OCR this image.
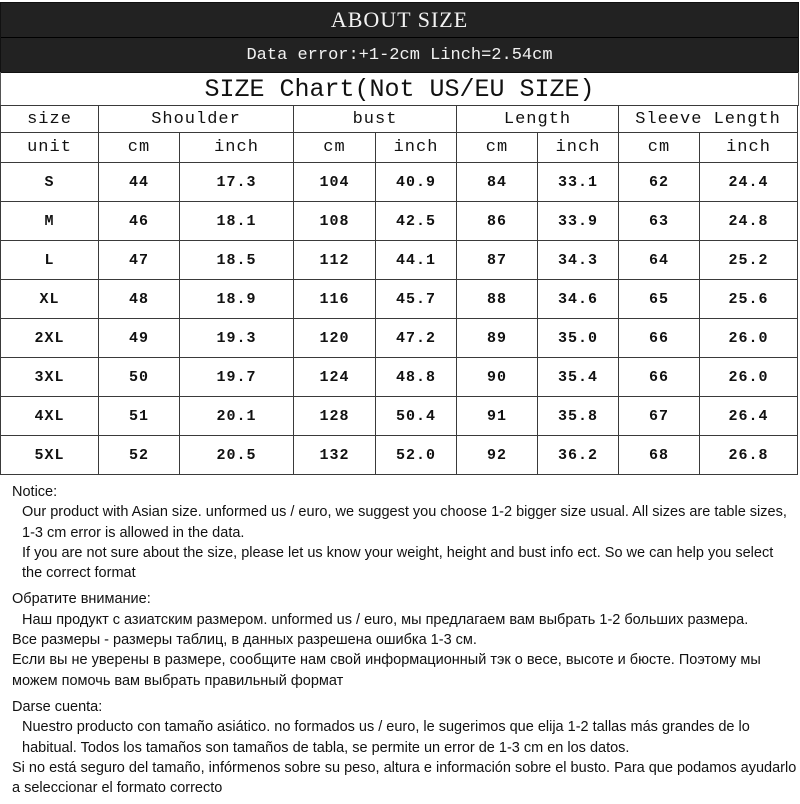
ABOUT SIZE
Data error:+1-2cm Linch=2.54cm
SIZE Chart(Not US/EU SIZE)
size	Shoulder		bust		Length		Sleeve Length	
unit	cm	inch	cm	inch	cm	inch	cm	inch
S	44	17.3	104	40.9	84	33.1	62	24.4
M	46	18.1	108	42.5	86	33.9	63	24.8
L	47	18.5	112	44.1	87	34.3	64	25.2
XL	48	18.9	116	45.7	88	34.6	65	25.6
2XL	49	19.3	120	47.2	89	35.0	66	26.0
3XL	50	19.7	124	48.8	90	35.4	66	26.0
4XL	51	20.1	128	50.4	91	35.8	67	26.4
5XL	52	20.5	132	52.0	92	36.2	68	26.8

Notice:

Our product with Asian size. unformed us / euro, we suggest you choose 1-2 bigger size usual. All sizes are table sizes, 1-3 cm error is allowed in the data.

If you are not sure about the size, please let us know your weight, height and bust info ect. So we can help you select the correct format

Обратите внимание:

Наш продукт с азиатским размером. unformed us / euro, мы предлагаем вам выбрать 1-2 больших размера.

Все размеры - размеры таблиц, в данных разрешена ошибка 1-3 см.

Если вы не уверены в размере, сообщите нам свой информационный тэк о весе, высоте и бюсте. Поэтому мы можем помочь вам выбрать правильный формат

Darse cuenta:

Nuestro producto con tamaño asiático. no formados us / euro, le sugerimos que elija 1-2 tallas más grandes de lo habitual. Todos los tamaños son tamaños de tabla, se permite un error de 1-3 cm en los datos.

Si no está seguro del tamaño, infórmenos sobre su peso, altura e información sobre el busto. Para que podamos ayudarlo a seleccionar el formato correcto
